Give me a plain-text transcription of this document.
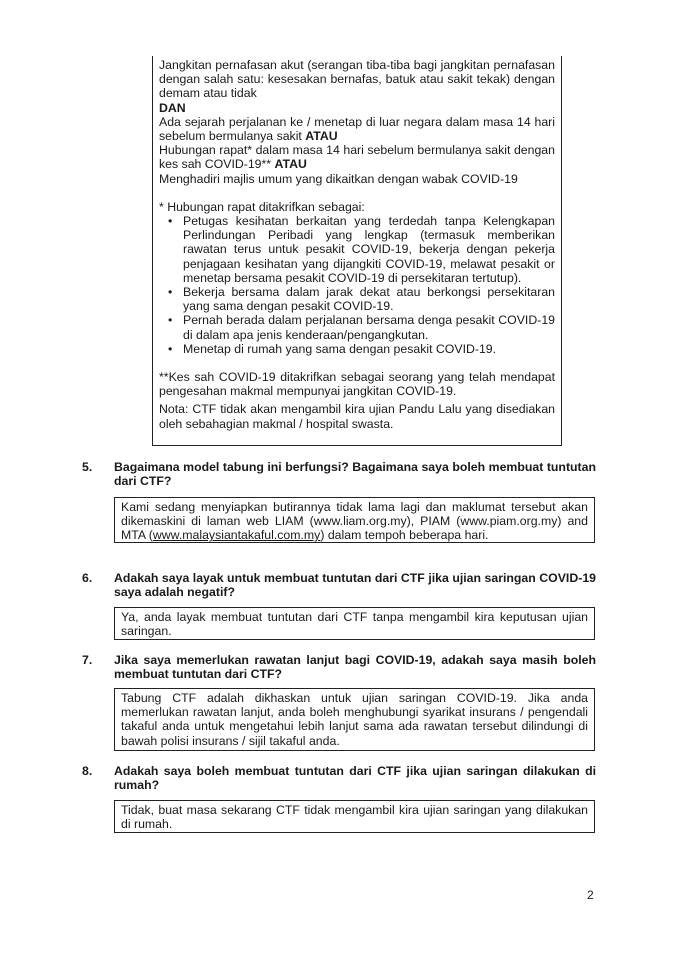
Jangkitan pernafasan akut (serangan tiba-tiba bagi jangkitan pernafasan dengan salah satu: kesesakan bernafas, batuk atau sakit tekak) dengan demam atau tidak

DAN

Ada sejarah perjalanan ke / menetap di luar negara dalam masa 14 hari sebelum bermulanya sakit ATAU

Hubungan rapat* dalam masa 14 hari sebelum bermulanya sakit dengan kes sah COVID-19** ATAU

Menghadiri majlis umum yang dikaitkan dengan wabak COVID-19

* Hubungan rapat ditakrifkan sebagai:

• Petugas kesihatan berkaitan yang terdedah tanpa Kelengkapan Perlindungan Peribadi yang lengkap (termasuk memberikan rawatan terus untuk pesakit COVID-19, bekerja dengan pekerja penjagaan kesihatan yang dijangkiti COVID-19, melawat pesakit or menetap bersama pesakit COVID-19 di persekitaran tertutup).
• Bekerja bersama dalam jarak dekat atau berkongsi persekitaran yang sama dengan pesakit COVID-19.
• Pernah berada dalam perjalanan bersama denga pesakit COVID-19 di dalam apa jenis kenderaan/pengangkutan.
• Menetap di rumah yang sama dengan pesakit COVID-19.

**Kes sah COVID-19 ditakrifkan sebagai seorang yang telah mendapat pengesahan makmal mempunyai jangkitan COVID-19.

Nota: CTF tidak akan mengambil kira ujian Pandu Lalu yang disediakan oleh sebahagian makmal / hospital swasta.

5.	Bagaimana model tabung ini berfungsi? Bagaimana saya boleh membuat tuntutan dari CTF?

Kami sedang menyiapkan butirannya tidak lama lagi dan maklumat tersebut akan dikemaskini di laman web LIAM (www.liam.org.my), PIAM (www.piam.org.my) and MTA (www.malaysiantakaful.com.my) dalam tempoh beberapa hari.

6.	Adakah saya layak untuk membuat tuntutan dari CTF jika ujian saringan COVID-19 saya adalah negatif?

Ya, anda layak membuat tuntutan dari CTF tanpa mengambil kira keputusan ujian saringan.

7.	Jika saya memerlukan rawatan lanjut bagi COVID-19, adakah saya masih boleh membuat tuntutan dari CTF?

Tabung CTF adalah dikhaskan untuk ujian saringan COVID-19. Jika anda memerlukan rawatan lanjut, anda boleh menghubungi syarikat insurans / pengendali takaful anda untuk mengetahui lebih lanjut sama ada rawatan tersebut dilindungi di bawah polisi insurans / sijil takaful anda.

8.	Adakah saya boleh membuat tuntutan dari CTF jika ujian saringan dilakukan di rumah?

Tidak, buat masa sekarang CTF tidak mengambil kira ujian saringan yang dilakukan di rumah.

2
